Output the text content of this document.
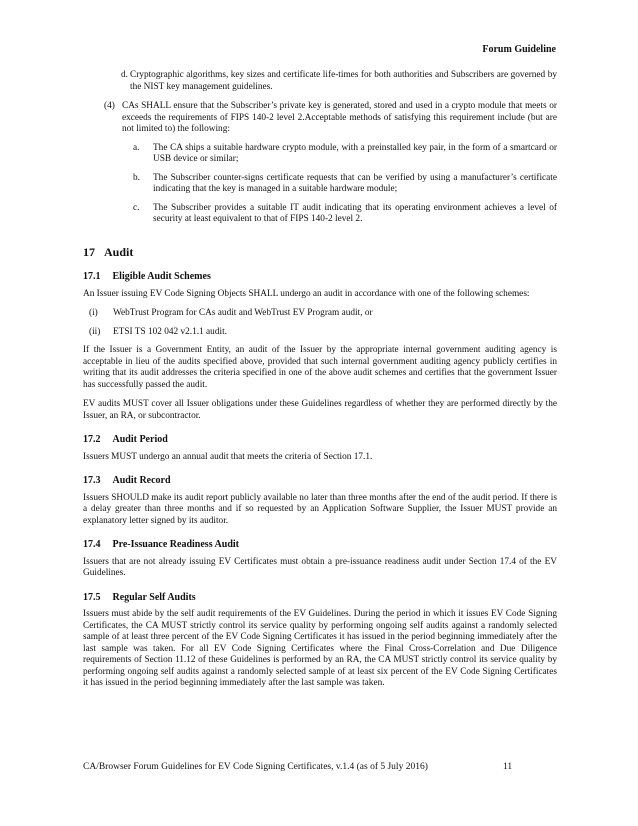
Forum Guideline
d. Cryptographic algorithms, key sizes and certificate life-times for both authorities and Subscribers are governed by the NIST key management guidelines.
(4) CAs SHALL ensure that the Subscriber’s private key is generated, stored and used in a crypto module that meets or exceeds the requirements of FIPS 140-2 level 2.Acceptable methods of satisfying this requirement include (but are not limited to) the following:
a. The CA ships a suitable hardware crypto module, with a preinstalled key pair, in the form of a smartcard or USB device or similar;
b. The Subscriber counter-signs certificate requests that can be verified by using a manufacturer’s certificate indicating that the key is managed in a suitable hardware module;
c. The Subscriber provides a suitable IT audit indicating that its operating environment achieves a level of security at least equivalent to that of FIPS 140-2 level 2.
17 Audit
17.1 Eligible Audit Schemes

An Issuer issuing EV Code Signing Objects SHALL undergo an audit in accordance with one of the following schemes:

(i) WebTrust Program for CAs audit and WebTrust EV Program audit, or
(ii) ETSI TS 102 042 v2.1.1 audit.

If the Issuer is a Government Entity, an audit of the Issuer by the appropriate internal government auditing agency is acceptable in lieu of the audits specified above, provided that such internal government auditing agency publicly certifies in writing that its audit addresses the criteria specified in one of the above audit schemes and certifies that the government Issuer has successfully passed the audit.

EV audits MUST cover all Issuer obligations under these Guidelines regardless of whether they are performed directly by the Issuer, an RA, or subcontractor.

17.2 Audit Period

Issuers MUST undergo an annual audit that meets the criteria of Section 17.1.

17.3 Audit Record

Issuers SHOULD make its audit report publicly available no later than three months after the end of the audit period. If there is a delay greater than three months and if so requested by an Application Software Supplier, the Issuer MUST provide an explanatory letter signed by its auditor.

17.4 Pre-Issuance Readiness Audit

Issuers that are not already issuing EV Certificates must obtain a pre-issuance readiness audit under Section 17.4 of the EV Guidelines.

17.5 Regular Self Audits

Issuers must abide by the self audit requirements of the EV Guidelines. During the period in which it issues EV Code Signing Certificates, the CA MUST strictly control its service quality by performing ongoing self audits against a randomly selected sample of at least three percent of the EV Code Signing Certificates it has issued in the period beginning immediately after the last sample was taken. For all EV Code Signing Certificates where the Final Cross-Correlation and Due Diligence requirements of Section 11.12 of these Guidelines is performed by an RA, the CA MUST strictly control its service quality by performing ongoing self audits against a randomly selected sample of at least six percent of the EV Code Signing Certificates it has issued in the period beginning immediately after the last sample was taken.

CA/Browser Forum Guidelines for EV Code Signing Certificates, v.1.4 (as of 5 July 2016)	11
